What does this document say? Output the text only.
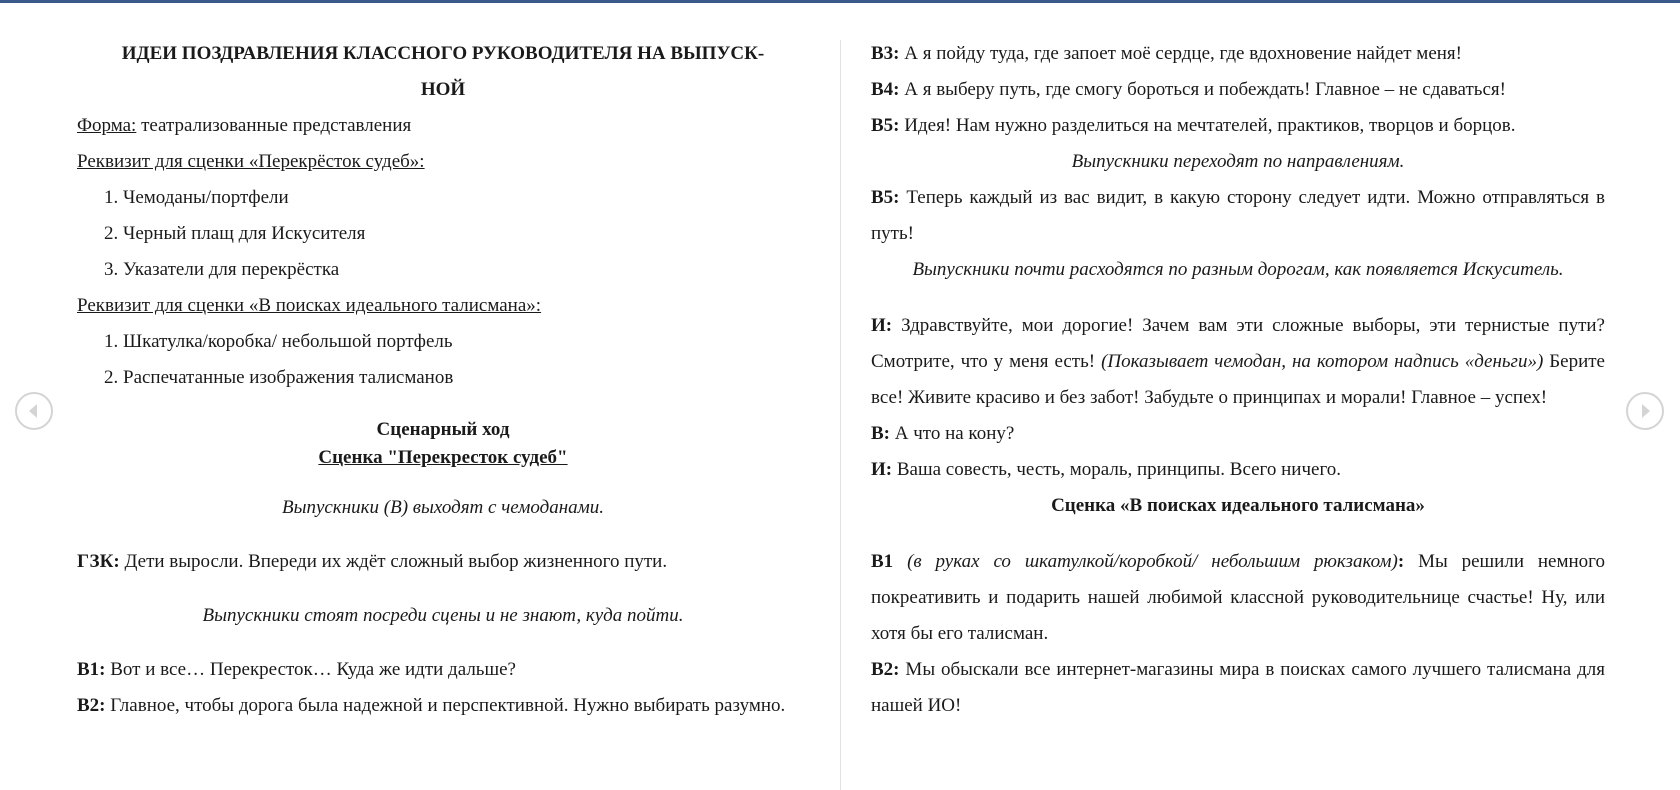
ИДЕИ ПОЗДРАВЛЕНИЯ КЛАССНОГО РУКОВОДИТЕЛЯ НА ВЫПУСК-

НОЙ

Форма: театрализованные представления

Реквизит для сценки «Перекрёсток судеб»:

1. Чемоданы/портфели
2. Черный плащ для Искусителя
3. Указатели для перекрёстка

Реквизит для сценки «В поисках идеального талисмана»:

1. Шкатулка/коробка/ небольшой портфель
2. Распечатанные изображения талисманов

Сценарный ход

Сценка "Перекресток судеб"

Выпускники (В) выходят с чемоданами.

ГЗК: Дети выросли. Впереди их ждёт сложный выбор жизненного пути.

Выпускники стоят посреди сцены и не знают, куда пойти.

В1: Вот и все… Перекресток… Куда же идти дальше?

В2: Главное, чтобы дорога была надежной и перспективной. Нужно выбирать разумно.

В3: А я пойду туда, где запоет моё сердце, где вдохновение найдет меня!

В4: А я выберу путь, где смогу бороться и побеждать! Главное – не сдаваться!

В5: Идея! Нам нужно разделиться на мечтателей, практиков, творцов и борцов.

Выпускники переходят по направлениям.

В5: Теперь каждый из вас видит, в какую сторону следует идти. Можно отправляться в путь!

Выпускники почти расходятся по разным дорогам, как появляется Искуситель.

И: Здравствуйте, мои дорогие! Зачем вам эти сложные выборы, эти тернистые пути? Смотрите, что у меня есть! (Показывает чемодан, на котором надпись «деньги») Берите все! Живите красиво и без забот! Забудьте о принципах и морали! Главное – успех!

В: А что на кону?

И: Ваша совесть, честь, мораль, принципы. Всего ничего.

Сценка «В поисках идеального талисмана»

В1 (в руках со шкатулкой/коробкой/ небольшим рюкзаком): Мы решили немного покреативить и подарить нашей любимой классной руководительнице счастье! Ну, или хотя бы его талисман.

В2: Мы обыскали все интернет-магазины мира в поисках самого лучшего талисмана для нашей ИО!
